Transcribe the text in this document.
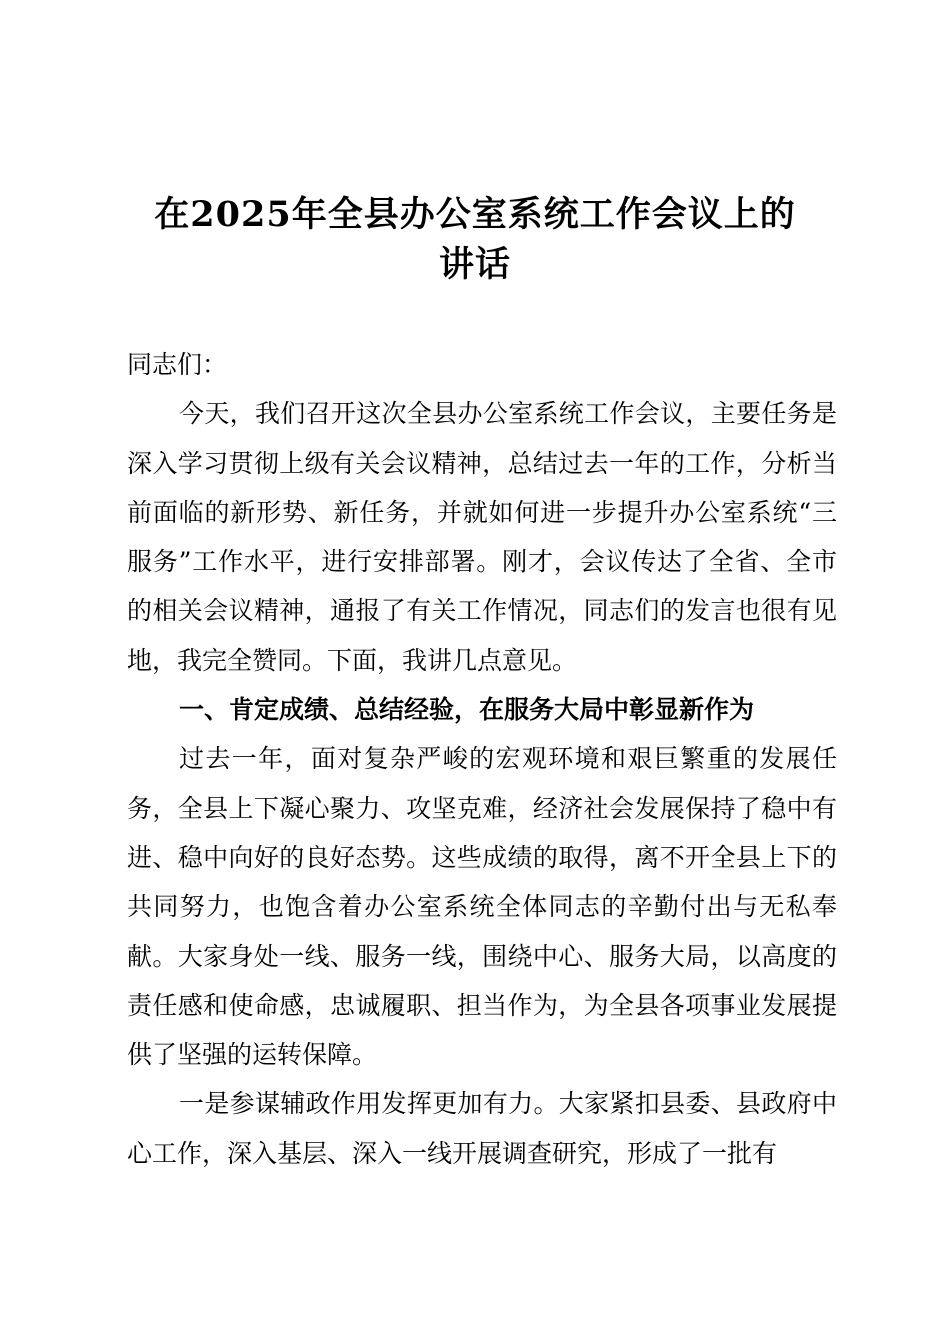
在2025年全县办公室系统工作会议上的
讲话

同志们：

今天，我们召开这次全县办公室系统工作会议，主要任务是深入学习贯彻上级有关会议精神，总结过去一年的工作，分析当前面临的新形势、新任务，并就如何进一步提升办公室系统“三服务”工作水平，进行安排部署。刚才，会议传达了全省、全市的相关会议精神，通报了有关工作情况，同志们的发言也很有见地，我完全赞同。下面，我讲几点意见。

一、肯定成绩、总结经验，在服务大局中彰显新作为

过去一年，面对复杂严峻的宏观环境和艰巨繁重的发展任务，全县上下凝心聚力、攻坚克难，经济社会发展保持了稳中有进、稳中向好的良好态势。这些成绩的取得，离不开全县上下的共同努力，也饱含着办公室系统全体同志的辛勤付出与无私奉献。大家身处一线、服务一线，围绕中心、服务大局，以高度的责任感和使命感，忠诚履职、担当作为，为全县各项事业发展提供了坚强的运转保障。

一是参谋辅政作用发挥更加有力。大家紧扣县委、县政府中心工作，深入基层、深入一线开展调查研究，形成了一批有
